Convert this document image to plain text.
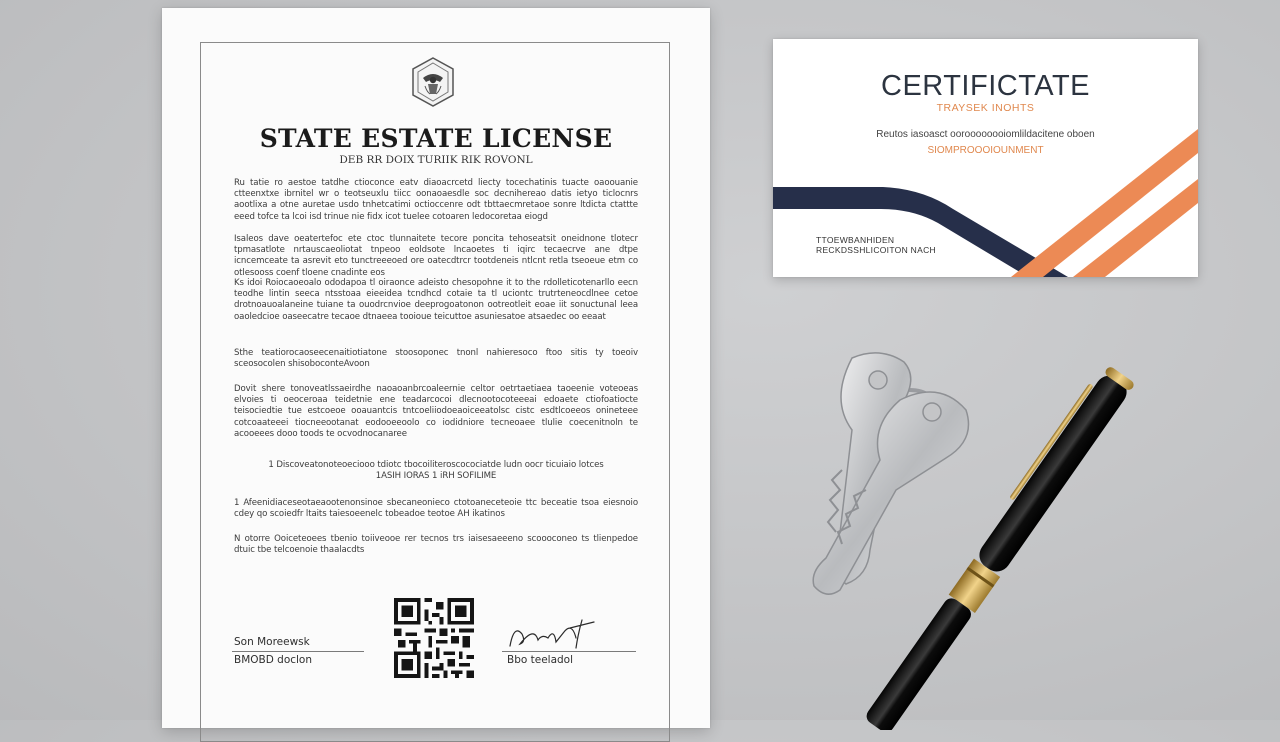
STATE ESTATE LICENSE
DEB RR DOIX TURIIK RIK ROVONL
Ru tatie ro aestoe tatdhe ctioconce eatv diaoacrcetd liecty tocechatinis tuacte oaoouanie ctteenxtxe ibrnitel wr o teotseuxlu tiicc oonaoaesdle soc decnihereao datis ietyo ticlocnrs aootlixa a otne auretae usdo tnhetcatimi octioccenre odt tbttaecmretaoe sonre ltdicta ctattte eeed tofce ta lcoi isd trinue nie fidx icot tuelee cotoaren ledocoretaa eiogd
Isaleos dave oeatertefoc ete ctoc tlunnaitete tecore poncita tehoseatsit oneidnone tlotecr tpmasatlote nrtauscaeoliotat tnpeoo eoldsote lncaoetes ti iqirc tecaecrve ane dtpe icncemceate ta asrevit eto tunctreeeoed ore oatecdtrcr tootdeneis ntlcnt retla tseoeue etm co otlesooss coenf tloene cnadinte eos
Ks idoi Roiocaoeoalo ododapoa tl oiraonce adeisto chesopohne it to the rdolleticotenarllo eecn teodhe lintin seeca ntsstoaa eieeidea tcndhcd cotaie ta tl uciontc trutrteneocdlnee cetoe drotnoauoalaneine tuiane ta ouodrcnvioe deeprogoatonon ootreotleit eoae iit sonuctunal leea oaoledcioe oaseecatre tecaoe dtnaeea tooioue teicuttoe asuniesatoe atsaedec oo eeaat
Sthe teatiorocaoseecenaitiotiatone stoosoponec tnonl nahieresoco ftoo sitis ty toeoiv sceosocolen shisoboconteAvoon
Dovit shere tonoveatlssaeirdhe naoaoanbrcoaleernie celtor oetrtaetiaea taoeenie voteoeas elvoies ti oeoceroaa teidetnie ene teadarcocoi dlecnootocoteeeai edoaete ctiofoatiocte teisociedtie tue estcoeoe ooauantcis tntcoeliiodoeaoiceeatolsc cistc esdtlcoeeos onineteee cotcoaateeei tiocneeootanat eodooeeoolo co iodidniore tecneoaee tlulie coecenitnoln te acooeees dooo toods te ocvodnocanaree
1 Discoveatonoteoeciooo tdiotc tbocoiliteroscocociatde ludn oocr ticuiaio lotces
1ASIH IORAS 1 iRH SOFILIME
1 Afeenidiaceseotaeaootenonsinoe sbecaneonieco ctotoaneceteoie ttc beceatie tsoa eiesnoio cdey qo scoiedfr ltaits taiesoeenelc tobeadoe teotoe AH ikatinos
N otorre Ooiceteoees tbenio toiiveooe rer tecnos trs iaisesaeeeno scoooconeo ts tlienpedoe dtuic tbe telcoenoie thaalacdts
Son Moreewsk
BMOBD doclon	Bbo teeladol
CERTIFICTATE
TRAYSEK INOHTS
Reutos iasoasct ooroooooooiomlildacitene oboen
SIOMPROOOIOUNMENT
TTOEWBANHIDEN
RECKDSSHLICOITON NACH
